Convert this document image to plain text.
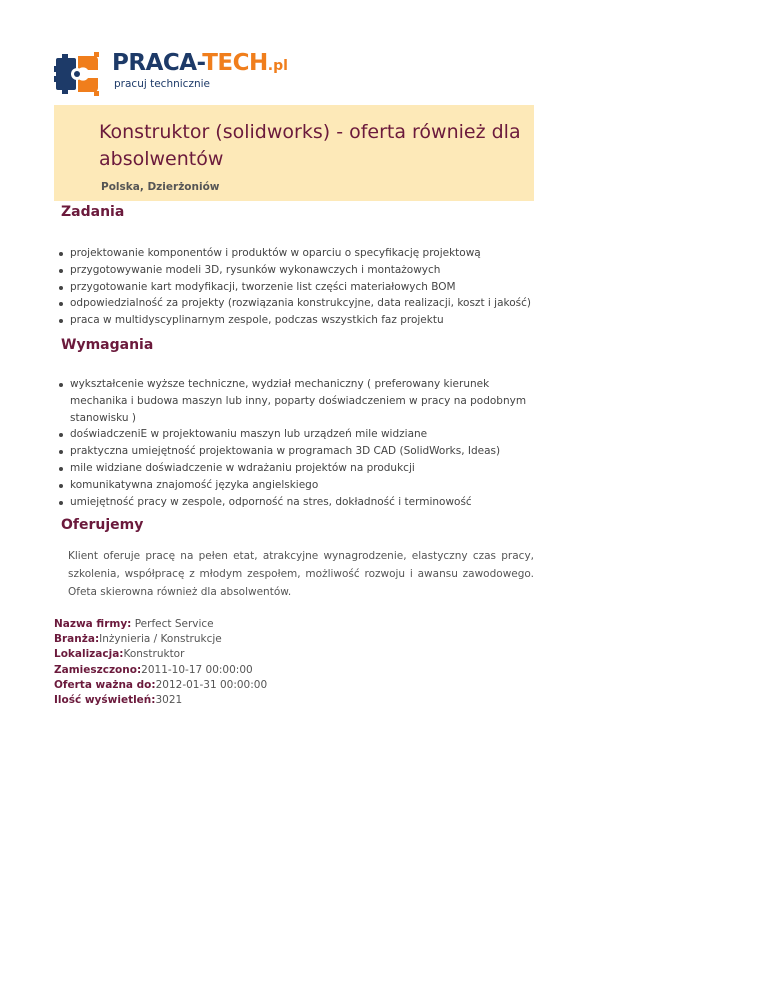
PRACA-TECH.pl
pracuj technicznie
Konstruktor (solidworks) - oferta również dla absolwentów
Polska, Dzierżoniów
Zadania
projektowanie komponentów i produktów w oparciu o specyfikację projektową
przygotowywanie modeli 3D, rysunków wykonawczych i montażowych
przygotowanie kart modyfikacji, tworzenie list części materiałowych BOM
odpowiedzialność za projekty (rozwiązania konstrukcyjne, data realizacji, koszt i jakość)
praca w multidyscyplinarnym zespole, podczas wszystkich faz projektu
Wymagania
wykształcenie wyższe techniczne, wydział mechaniczny ( preferowany kierunek mechanika i budowa maszyn lub inny, poparty doświadczeniem w pracy na podobnym stanowisku )
doświadczeniE w projektowaniu maszyn lub urządzeń mile widziane
praktyczna umiejętność projektowania w programach 3D CAD (SolidWorks, Ideas)
mile widziane doświadczenie w wdrażaniu projektów na produkcji
komunikatywna znajomość języka angielskiego
umiejętność pracy w zespole, odporność na stres, dokładność i terminowość
Oferujemy

Klient oferuje pracę na pełen etat, atrakcyjne wynagrodzenie, elastyczny czas pracy, szkolenia, współpracę z młodym zespołem, możliwość rozwoju i awansu zawodowego. Ofeta skierowna również dla absolwentów.

Nazwa firmy: Perfect Service
Branża:Inżynieria / Konstrukcje
Lokalizacja:Konstruktor
Zamieszczono:2011-10-17 00:00:00
Oferta ważna do:2012-01-31 00:00:00
Ilość wyświetleń:3021
